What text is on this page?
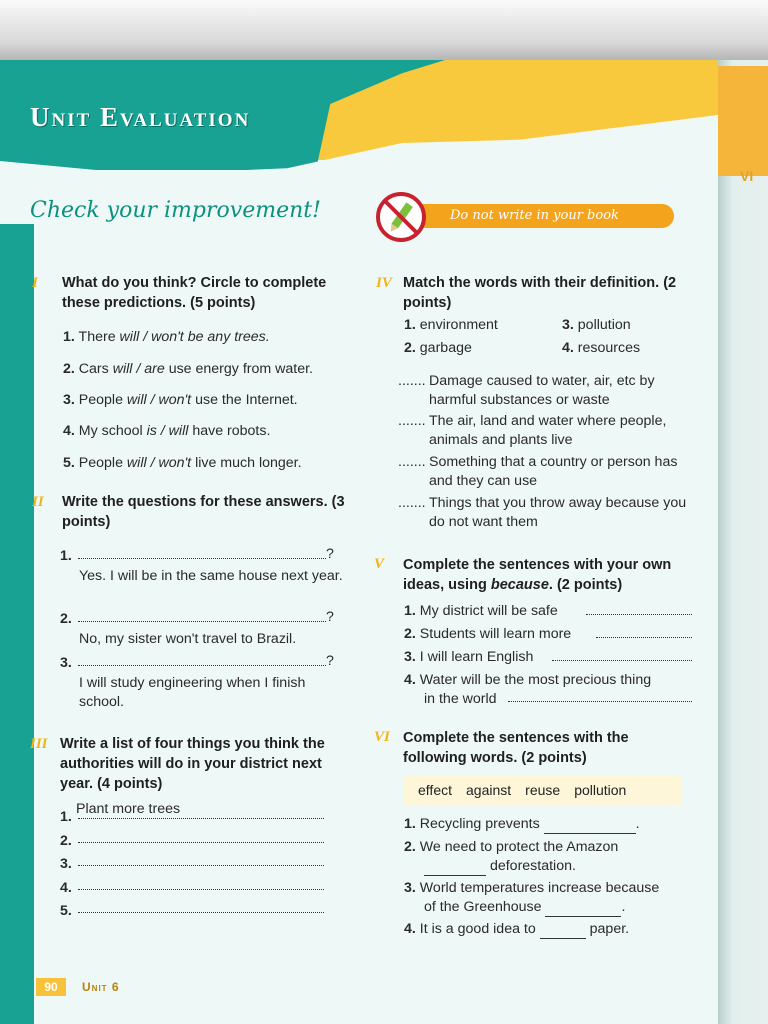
VI
Unit Evaluation
Check your improvement!	Do not write in your book
I What do you think? Circle to complete these predictions. (5 points)
1. There will / won't be any trees.
2. Cars will / are use energy from water.
3. People will / won't use the Internet.
4. My school is / will have robots.
5. People will / won't live much longer.
II Write the questions for these answers. (3 points)
1.	?
Yes. I will be in the same house next year.
2.	?
No, my sister won't travel to Brazil.
3.	?
I will study engineering when I finish school.
III Write a list of four things you think the authorities will do in your district next year. (4 points)
1. Plant more trees
2.
3.
4.
5.
IV Match the words with their definition. (2 points)
1. environment	3. pollution
2. garbage	4. resources
....... Damage caused to water, air, etc by harmful substances or waste
....... The air, land and water where people, animals and plants live
....... Something that a country or person has and they can use
....... Things that you throw away because you do not want them
V Complete the sentences with your own ideas, using because. (2 points)
1. My district will be safe
2. Students will learn more
3. I will learn English
4. Water will be the most precious thing
in the world
VI Complete the sentences with the following words. (2 points)
effect against reuse pollution
1. Recycling prevents	.
2. We need to protect the Amazon
deforestation.
3. World temperatures increase because
of the Greenhouse	.
4. It is a good idea to	paper.
90	Unit 6
